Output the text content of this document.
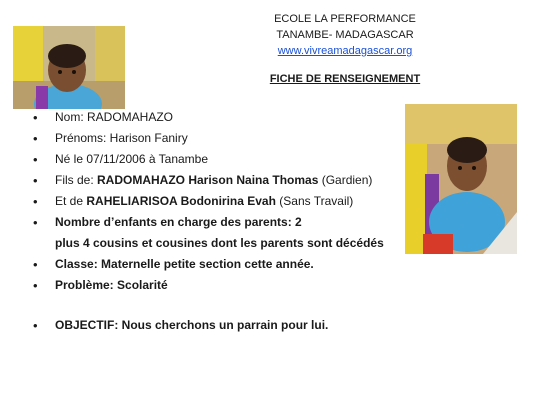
ECOLE LA PERFORMANCE
TANAMBE- MADAGASCAR
www.vivreamadagascar.org
FICHE DE RENSEIGNEMENT
• Nom: RADOMAHAZO
• Prénoms: Harison Faniry
• Né le 07/11/2006 à Tanambe
• Fils de: RADOMAHAZO Harison Naina Thomas (Gardien)
• Et de RAHELIARISOA Bodonirina Evah (Sans Travail)
• Nombre d’enfants en charge des parents: 2
plus 4 cousins et cousines dont les parents sont décédés
• Classe: Maternelle petite section cette année.
• Problème: Scolarité
• OBJECTIF: Nous cherchons un parrain pour lui.
